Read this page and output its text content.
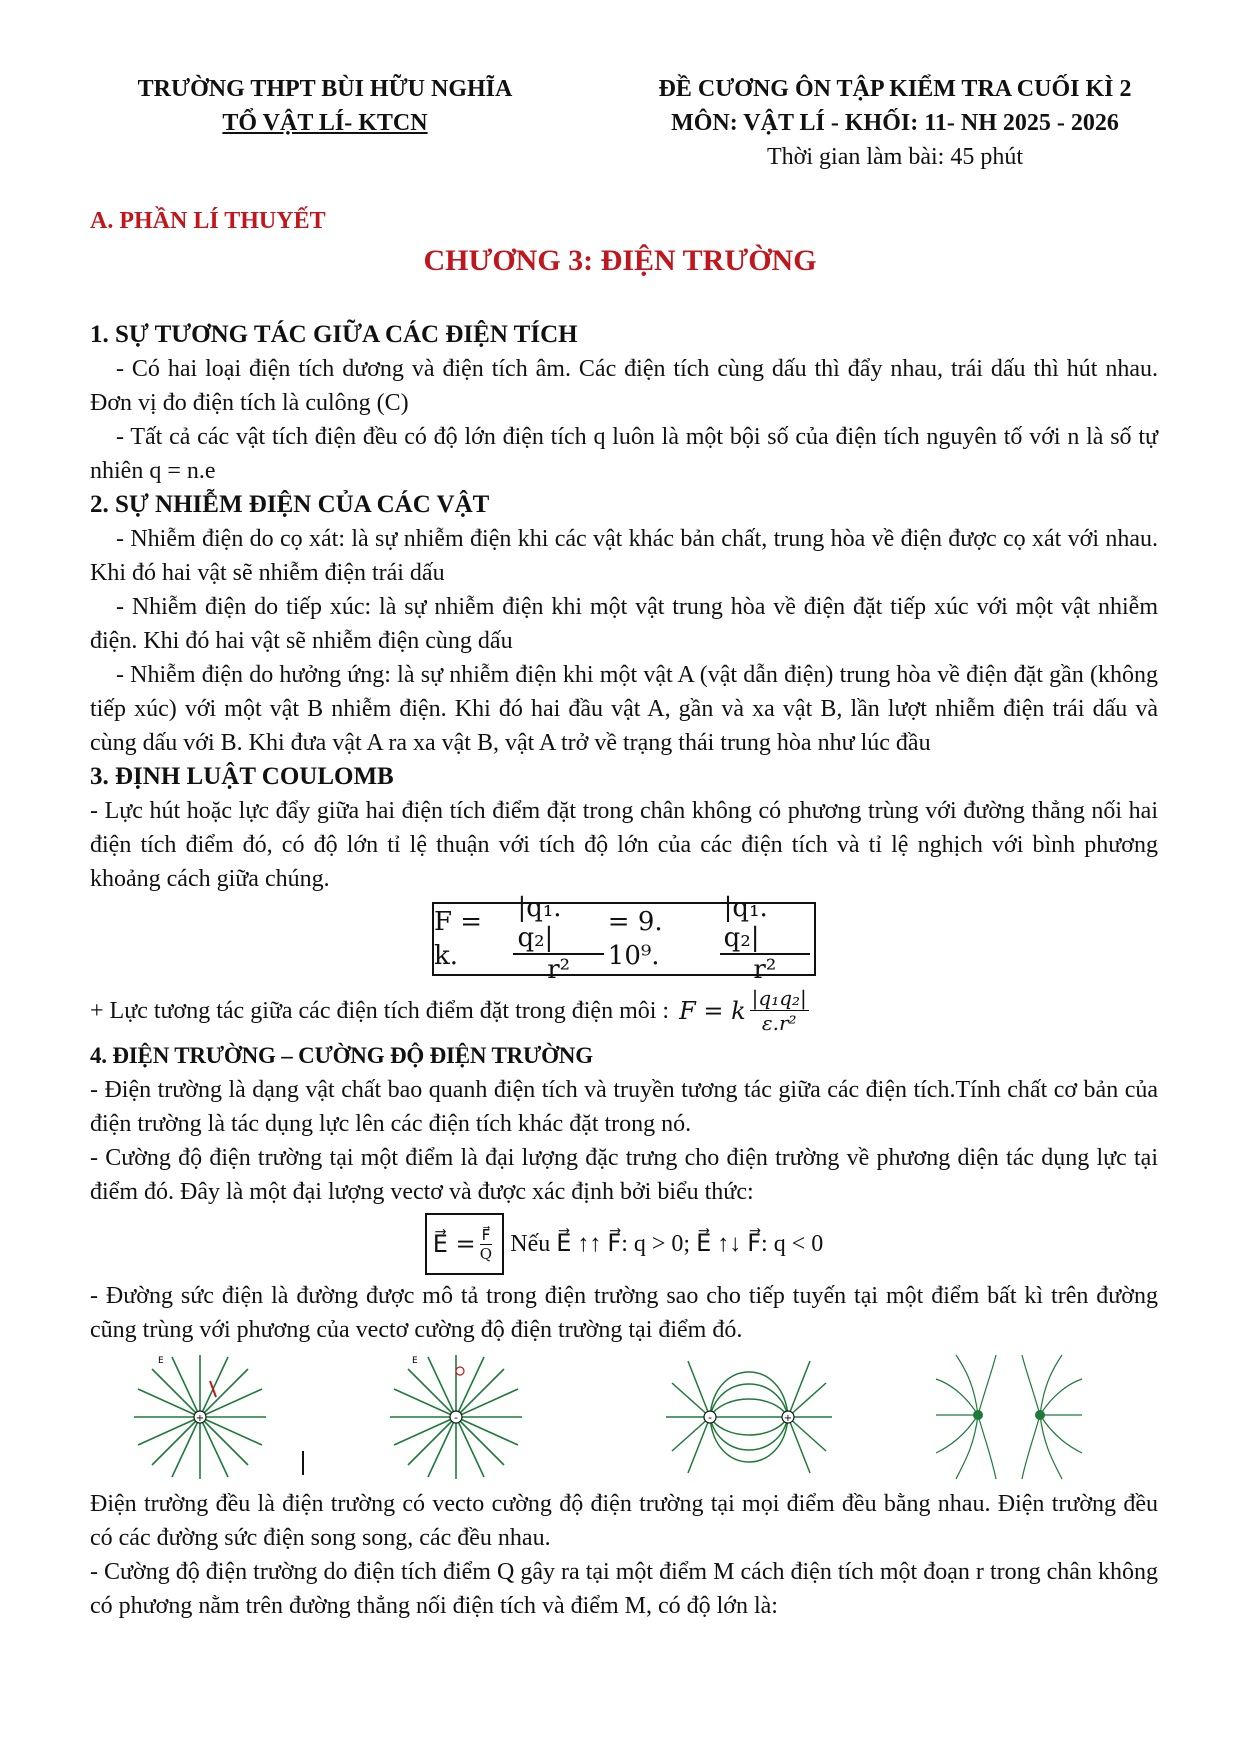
TRƯỜNG THPT BÙI HỮU NGHĨA
TỔ VẬT LÍ- KTCN
ĐỀ CƯƠNG ÔN TẬP KIỂM TRA CUỐI KÌ 2
MÔN: VẬT LÍ - KHỐI: 11- NH 2025 - 2026
Thời gian làm bài: 45 phút
A. PHẦN LÍ THUYẾT
CHƯƠNG 3: ĐIỆN TRƯỜNG
1. SỰ TƯƠNG TÁC GIỮA CÁC ĐIỆN TÍCH

- Có hai loại điện tích dương và điện tích âm. Các điện tích cùng dấu thì đẩy nhau, trái dấu thì hút nhau. Đơn vị đo điện tích là culông (C)

- Tất cả các vật tích điện đều có độ lớn điện tích q luôn là một bội số của điện tích nguyên tố với n là số tự nhiên q = n.e

2. SỰ NHIỄM ĐIỆN CỦA CÁC VẬT

- Nhiễm điện do cọ xát: là sự nhiễm điện khi các vật khác bản chất, trung hòa về điện được cọ xát với nhau. Khi đó hai vật sẽ nhiễm điện trái dấu

- Nhiễm điện do tiếp xúc: là sự nhiễm điện khi một vật trung hòa về điện đặt tiếp xúc với một vật nhiễm điện. Khi đó hai vật sẽ nhiễm điện cùng dấu

- Nhiễm điện do hưởng ứng: là sự nhiễm điện khi một vật A (vật dẫn điện) trung hòa về điện đặt gần (không tiếp xúc) với một vật B nhiễm điện. Khi đó hai đầu vật A, gần và xa vật B, lần lượt nhiễm điện trái dấu và cùng dấu với B. Khi đưa vật A ra xa vật B, vật A trở về trạng thái trung hòa như lúc đầu

3. ĐỊNH LUẬT COULOMB

- Lực hút hoặc lực đẩy giữa hai điện tích điểm đặt trong chân không có phương trùng với đường thẳng nối hai điện tích điểm đó, có độ lớn tỉ lệ thuận với tích độ lớn của các điện tích và tỉ lệ nghịch với bình phương khoảng cách giữa chúng.

F = k.	$\frac{\text{|q₁. q₂|}}{\text{r²}} = 9$. 10⁹.	$\frac{\text{|q₁. q₂|}}{\text{r²}}$
+ Lực tương tác giữa các điện tích điểm đặt trong điện môi : F = k $\frac{\text{|q₁q₂|}}{\text{ε.r²}}$
4. ĐIỆN TRƯỜNG – CƯỜNG ĐỘ ĐIỆN TRƯỜNG

- Điện trường là dạng vật chất bao quanh điện tích và truyền tương tác giữa các điện tích.Tính chất cơ bản của điện trường là tác dụng lực lên các điện tích khác đặt trong nó.

- Cường độ điện trường tại một điểm là đại lượng đặc trưng cho điện trường về phương diện tác dụng lực tại điểm đó. Đây là một đại lượng vectơ và được xác định bởi biểu thức:

E⃗ = $\frac{F⃗}{Q}$ Nếu E⃗ ↑↑ F⃗: q > 0; E⃗ ↑↓ F⃗: q < 0

- Đường sức điện là đường được mô tả trong điện trường sao cho tiếp tuyến tại một điểm bất kì trên đường cũng trùng với phương của vectơ cường độ điện trường tại điểm đó.

+
E
-
E
-	+

Điện trường đều là điện trường có vecto cường độ điện trường tại mọi điểm đều bằng nhau. Điện trường đều có các đường sức điện song song, các đều nhau.

- Cường độ điện trường do điện tích điểm Q gây ra tại một điểm M cách điện tích một đoạn r trong chân không có phương nằm trên đường thẳng nối điện tích và điểm M, có độ lớn là:
